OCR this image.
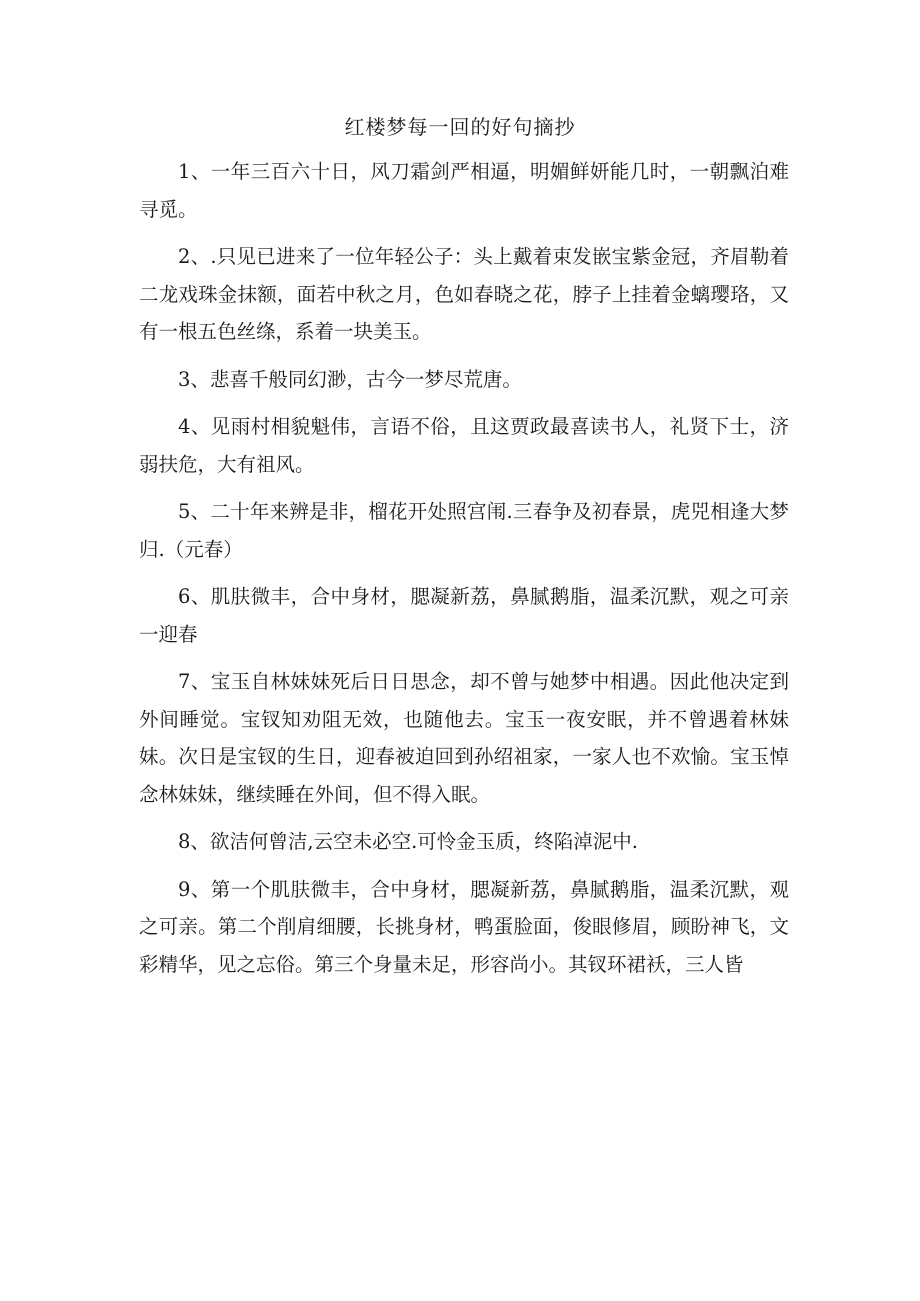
红楼梦每一回的好句摘抄

1、一年三百六十日，风刀霜剑严相逼，明媚鲜妍能几时，一朝飘泊难寻觅。

2、.只见已进来了一位年轻公子：头上戴着束发嵌宝紫金冠，齐眉勒着二龙戏珠金抹额，面若中秋之月，色如春晓之花，脖子上挂着金螭璎珞，又有一根五色丝绦，系着一块美玉。

3、悲喜千般同幻渺，古今一梦尽荒唐。

4、见雨村相貌魁伟，言语不俗，且这贾政最喜读书人，礼贤下士，济弱扶危，大有祖风。

5、二十年来辨是非，榴花开处照宫闱.三春争及初春景，虎兕相逢大梦归.（元春）

6、肌肤微丰，合中身材，腮凝新荔，鼻腻鹅脂，温柔沉默，观之可亲一迎春

7、宝玉自林妹妹死后日日思念，却不曾与她梦中相遇。因此他决定到外间睡觉。宝钗知劝阻无效，也随他去。宝玉一夜安眠，并不曾遇着林妹妹。次日是宝钗的生日，迎春被迫回到孙绍祖家，一家人也不欢愉。宝玉悼念林妹妹，继续睡在外间，但不得入眠。

8、欲洁何曾洁,云空未必空.可怜金玉质，终陷淖泥中.

9、第一个肌肤微丰，合中身材，腮凝新荔，鼻腻鹅脂，温柔沉默，观之可亲。第二个削肩细腰，长挑身材，鸭蛋脸面，俊眼修眉，顾盼神飞，文彩精华，见之忘俗。第三个身量未足，形容尚小。其钗环裙袄，三人皆
